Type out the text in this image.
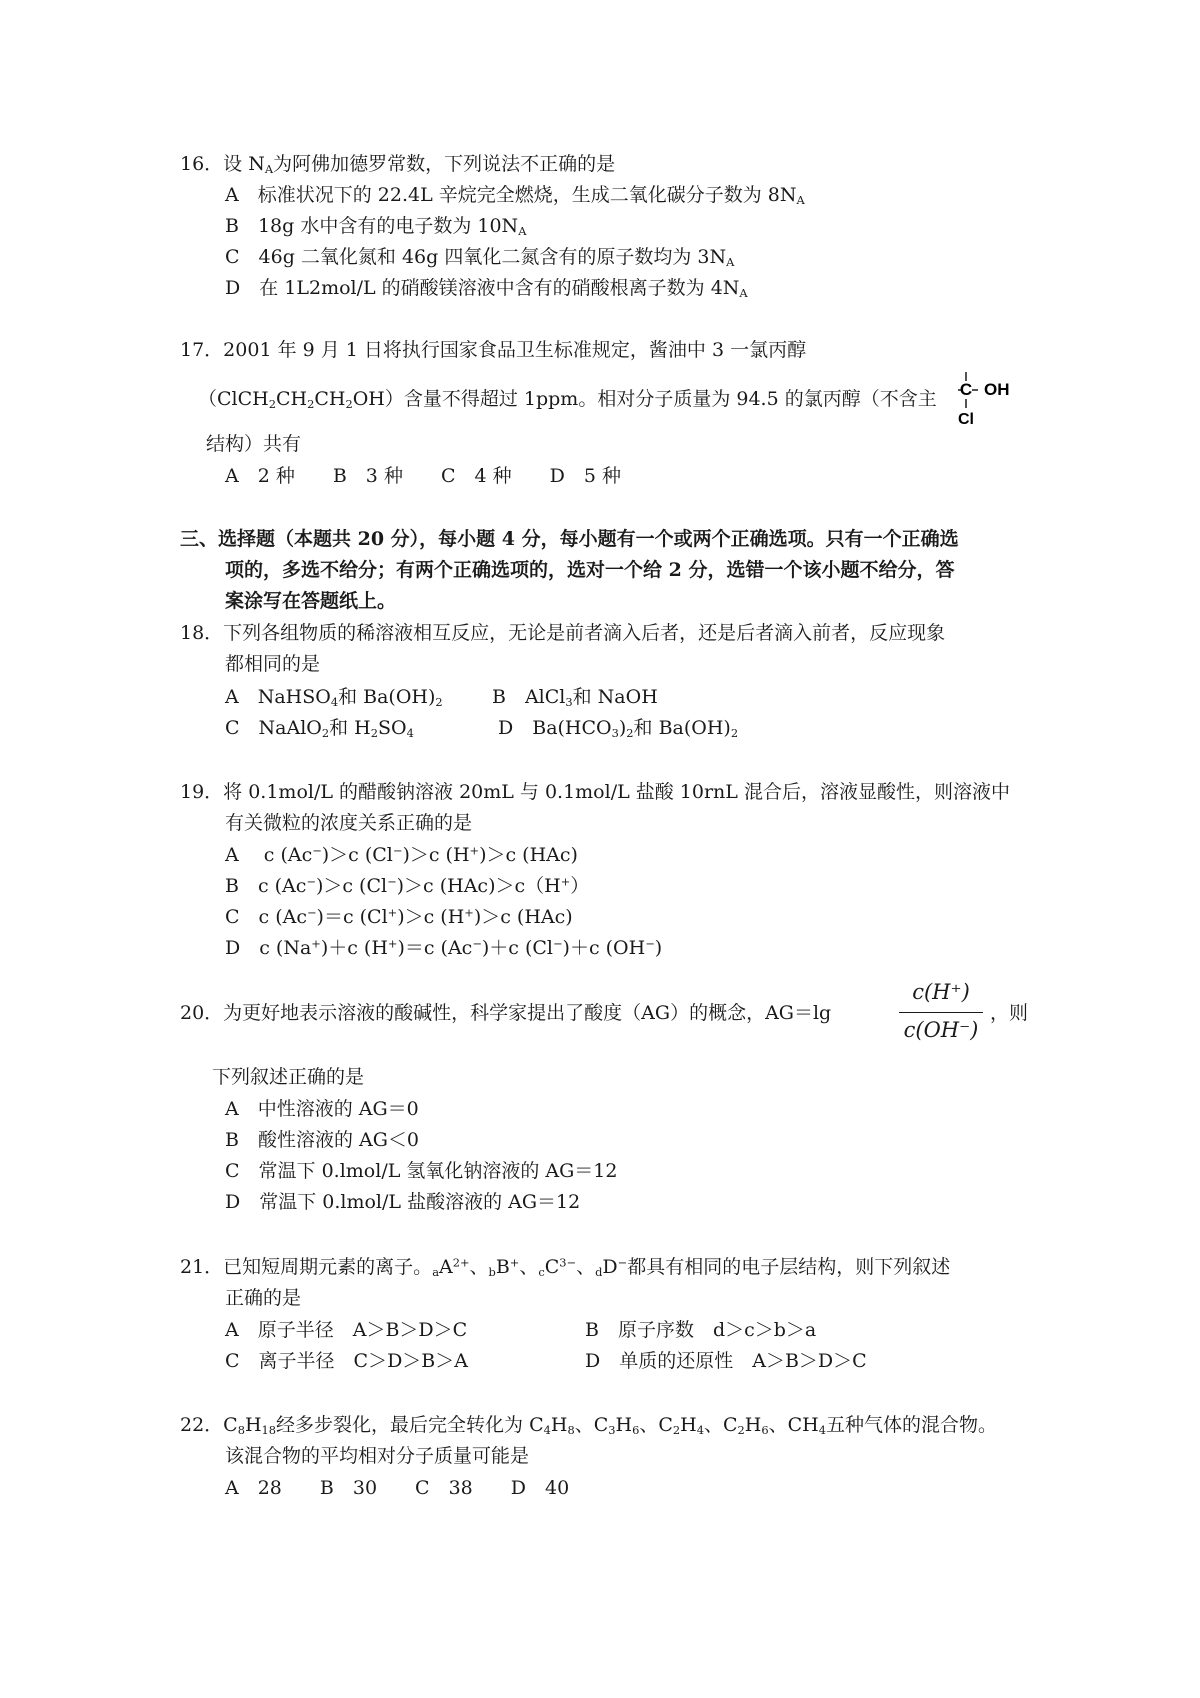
16．设 $N_A$为阿佛加德罗常数，下列说法不正确的是
A　标准状况下的 22.4L 辛烷完全燃烧，生成二氧化碳分子数为 $8N_A$
B　18g 水中含有的电子数为 $10N_A$
C　46g 二氧化氮和 46g 四氧化二氮含有的原子数均为 $3N_A$
D　在 1L2mol/L 的硝酸镁溶液中含有的硝酸根离子数为 $4N_A$
17．2001 年 9 月 1 日将执行国家食品卫生标准规定，酱油中 3 一氯丙醇
$(ClCH_2CH_2CH_2OH)$含量不得超过 1ppm。相对分子质量为 94.5 的氯丙醇（不含主 C OH
Cl
结构）共有
A　2 种　　B　3 种　　C　4 种　　D　5 种
三、选择题（本题共 20 分），每小题 4 分，每小题有一个或两个正确选项。只有一个正确选
项的，多选不给分；有两个正确选项的，选对一个给 2 分，选错一个该小题不给分，答
案涂写在答题纸上。
18．下列各组物质的稀溶液相互反应，无论是前者滴入后者，还是后者滴入前者，反应现象
都相同的是
A　NaHSO$_4$和 $Ba(OH)_2$	B　AlCl$_3$和 NaOH
C　NaAlO$_2$和 $H_2SO_4$	D　$Ba(HCO_3)_2$和 $Ba(OH)_2$
19．将 0.1mol/L 的醋酸钠溶液 20mL 与 0.1mol/L 盐酸 10rnL 混合后，溶液显酸性，则溶液中
有关微粒的浓度关系正确的是
A　 c (Ac−)＞c (Cl−)＞c (H+)＞c (HAc)
B　c (Ac−)＞c (Cl−)＞c (HAc)＞c（H+）
C　c (Ac−)＝c (Cl+)＞c (H+)＞c (HAc)
D　c (Na+)＋c (H+)＝c (Ac−)＋c (Cl−)＋c (OH−)
20．为更好地表示溶液的酸碱性，科学家提出了酸度（AG）的概念，AG＝lg
c(H⁺)
c(OH⁻)
，则
下列叙述正确的是
A　中性溶液的 AG＝0
B　酸性溶液的 AG＜0
C　常温下 0.lmol/L 氢氧化钠溶液的 AG＝12
D　常温下 0.lmol/L 盐酸溶液的 AG＝12
21．已知短周期元素的离子。$_aA^{2+}$、$_b$B+、$_cC^{3-}$、$_d$D−都具有相同的电子层结构，则下列叙述
正确的是
A　原子半径　A＞B＞D＞C	B　原子序数　d＞c＞b＞a
C　离子半径　C＞D＞B＞A	D　单质的还原性　A＞B＞D＞C
22．$C_8H_{18}$经多步裂化，最后完全转化为 $C_4H_8$、$C_3H_6$、$C_2H_4$、$C_2H_6$、$CH_4$五种气体的混合物。
该混合物的平均相对分子质量可能是
A　28　　B　30　　C　38　　D　40
